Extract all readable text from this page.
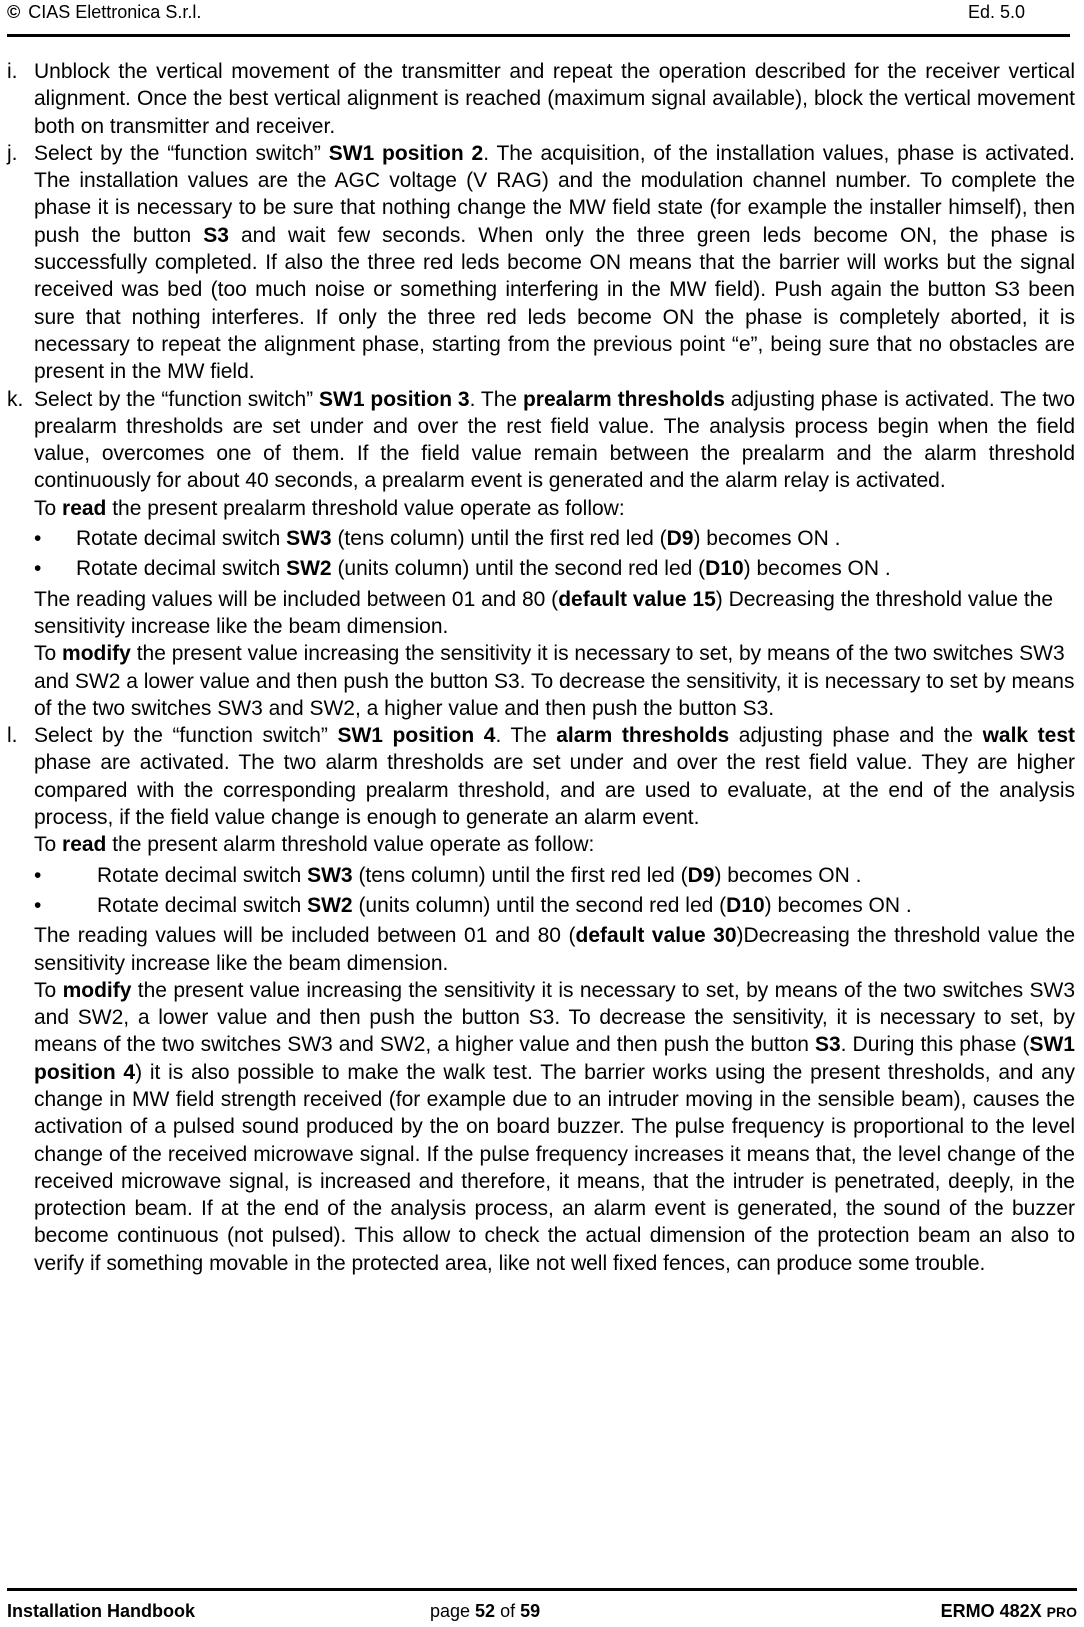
© CIAS Elettronica S.r.l.	Ed. 5.0
i. Unblock the vertical movement of the transmitter and repeat the operation described for the receiver vertical alignment. Once the best vertical alignment is reached (maximum signal available), block the vertical movement both on transmitter and receiver.

j. Select by the “function switch” SW1 position 2. The acquisition, of the installation values, phase is activated. The installation values are the AGC voltage (V RAG) and the modulation channel number. To complete the phase it is necessary to be sure that nothing change the MW field state (for example the installer himself), then push the button S3 and wait few seconds. When only the three green leds become ON, the phase is successfully completed. If also the three red leds become ON means that the barrier will works but the signal received was bed (too much noise or something interfering in the MW field). Push again the button S3 been sure that nothing interferes. If only the three red leds become ON the phase is completely aborted, it is necessary to repeat the alignment phase, starting from the previous point “e”, being sure that no obstacles are present in the MW field.

k. Select by the “function switch” SW1 position 3. The prealarm thresholds adjusting phase is activated. The two prealarm thresholds are set under and over the rest field value. The analysis process begin when the field value, overcomes one of them. If the field value remain between the prealarm and the alarm threshold continuously for about 40 seconds, a prealarm event is generated and the alarm relay is activated.

To read the present prealarm threshold value operate as follow:

• Rotate decimal switch SW3 (tens column) until the first red led (D9) becomes ON .
• Rotate decimal switch SW2 (units column) until the second red led (D10) becomes ON .

The reading values will be included between 01 and 80 (default value 15) Decreasing the threshold value the sensitivity increase like the beam dimension.

To modify the present value increasing the sensitivity it is necessary to set, by means of the two switches SW3 and SW2 a lower value and then push the button S3. To decrease the sensitivity, it is necessary to set by means of the two switches SW3 and SW2, a higher value and then push the button S3.

l. Select by the “function switch” SW1 position 4. The alarm thresholds adjusting phase and the walk test phase are activated. The two alarm thresholds are set under and over the rest field value. They are higher compared with the corresponding prealarm threshold, and are used to evaluate, at the end of the analysis process, if the field value change is enough to generate an alarm event.

To read the present alarm threshold value operate as follow:

•	Rotate decimal switch SW3 (tens column) until the first red led (D9) becomes ON .
•	Rotate decimal switch SW2 (units column) until the second red led (D10) becomes ON .

The reading values will be included between 01 and 80 (default value 30)Decreasing the threshold value the sensitivity increase like the beam dimension.

To modify the present value increasing the sensitivity it is necessary to set, by means of the two switches SW3 and SW2, a lower value and then push the button S3. To decrease the sensitivity, it is necessary to set, by means of the two switches SW3 and SW2, a higher value and then push the button S3. During this phase (SW1 position 4) it is also possible to make the walk test. The barrier works using the present thresholds, and any change in MW field strength received (for example due to an intruder moving in the sensible beam), causes the activation of a pulsed sound produced by the on board buzzer. The pulse frequency is proportional to the level change of the received microwave signal. If the pulse frequency increases it means that, the level change of the received microwave signal, is increased and therefore, it means, that the intruder is penetrated, deeply, in the protection beam. If at the end of the analysis process, an alarm event is generated, the sound of the buzzer become continuous (not pulsed). This allow to check the actual dimension of the protection beam an also to verify if something movable in the protected area, like not well fixed fences, can produce some trouble.

Installation Handbook	page 52 of 59	ERMO 482X PRO
